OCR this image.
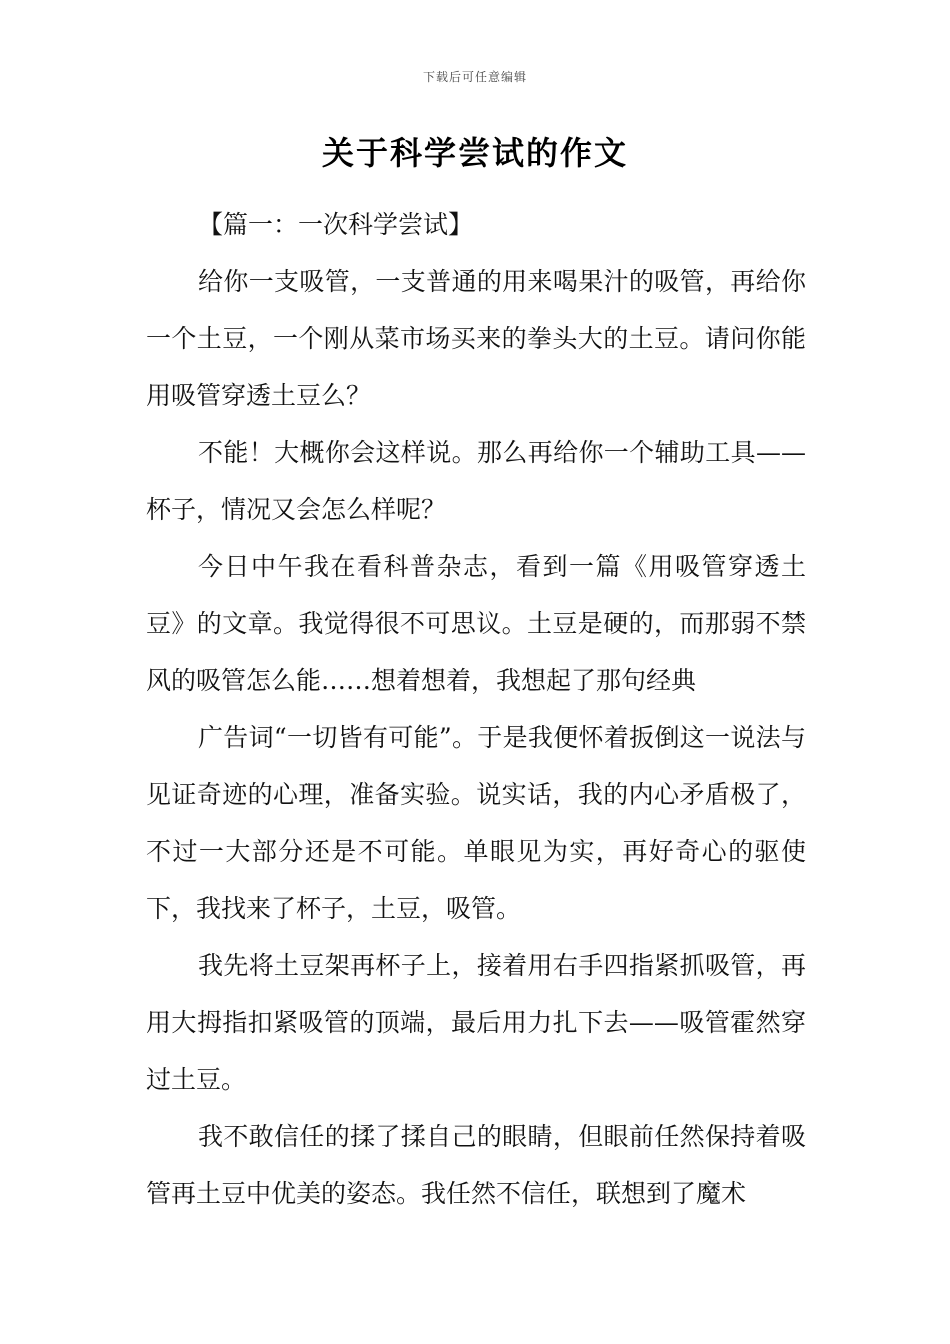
下载后可任意编辑
关于科学尝试的作文

【篇一：一次科学尝试】

给你一支吸管，一支普通的用来喝果汁的吸管，再给你一个土豆，一个刚从菜市场买来的拳头大的土豆。请问你能用吸管穿透土豆么？

不能！大概你会这样说。那么再给你一个辅助工具——杯子，情况又会怎么样呢？

今日中午我在看科普杂志，看到一篇《用吸管穿透土豆》的文章。我觉得很不可思议。土豆是硬的，而那弱不禁风的吸管怎么能……想着想着，我想起了那句经典

广告词“一切皆有可能”。于是我便怀着扳倒这一说法与见证奇迹的心理，准备实验。说实话，我的内心矛盾极了，不过一大部分还是不可能。单眼见为实，再好奇心的驱使下，我找来了杯子，土豆，吸管。

我先将土豆架再杯子上，接着用右手四指紧抓吸管，再用大拇指扣紧吸管的顶端，最后用力扎下去——吸管霍然穿过土豆。

我不敢信任的揉了揉自己的眼睛，但眼前任然保持着吸管再土豆中优美的姿态。我任然不信任，联想到了魔术
